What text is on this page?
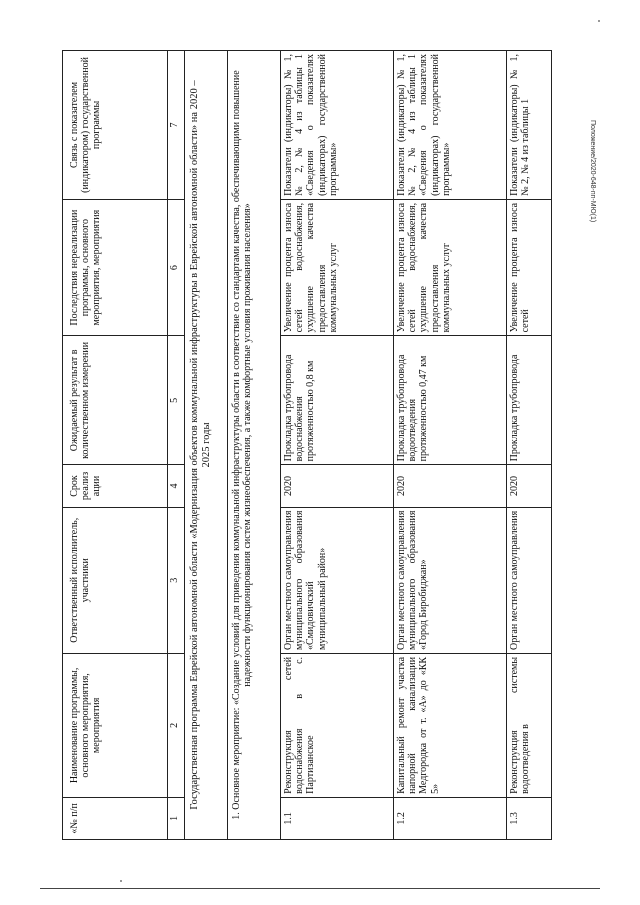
«№ п/п	Наименование программы, основного мероприятия, мероприятия	Ответственный исполнитель, участники	Срок реализ ации	Ожидаемый результат в количественном измерении	Последствия нереализации программы, основного мероприятия, мероприятия	Связь с показателем (индикатором) государственной программы
1	2	3	4	5	6	7
Государственная программа Еврейской автономной области «Модернизация объектов коммунальной инфраструктуры в Еврейской автономной области» на 2020 – 2025 годы						
1. Основное мероприятие: «Создание условий для приведения коммунальной инфраструктуры области в соответствие со стандартами качества, обеспечивающими повышение надежности функционирования систем жизнеобеспечения, а также комфортные условия проживания населения»						
1.1	Реконструкция сетей водоснабжения в с. Партизанское	Орган местного самоуправления муниципального образования «Смидовичский муниципальный район»	2020	Прокладка трубопровода водоснабжения протяженностью 0,8 км	Увеличение процента износа сетей водоснабжения, ухудшение качества предоставления коммунальных услуг	Показатели (индикаторы) № 1, № 2, № 4 из таблицы 1 «Сведения о показателях (индикаторах) государственной программы»
1.2	Капитальный ремонт участка напорной канализации Медгородка от т. «А» до «КК 5»	Орган местного самоуправления муниципального образования «Город Биробиджан»	2020	Прокладка трубопровода водоотведения протяженностью 0,47 км	Увеличение процента износа сетей водоснабжения, ухудшение качества предоставления коммунальных услуг	Показатели (индикаторы) № 1, № 2, № 4 из таблицы 1 «Сведения о показателях (индикаторах) государственной программы»
1.3	Реконструкция системы водоотведения в	Орган местного самоуправления	2020	Прокладка трубопровода	Увеличение процента износа сетей	Показатели (индикаторы) № 1, № 2, № 4 из таблицы 1	Положение/2020-648-пп-МЮ(1)
